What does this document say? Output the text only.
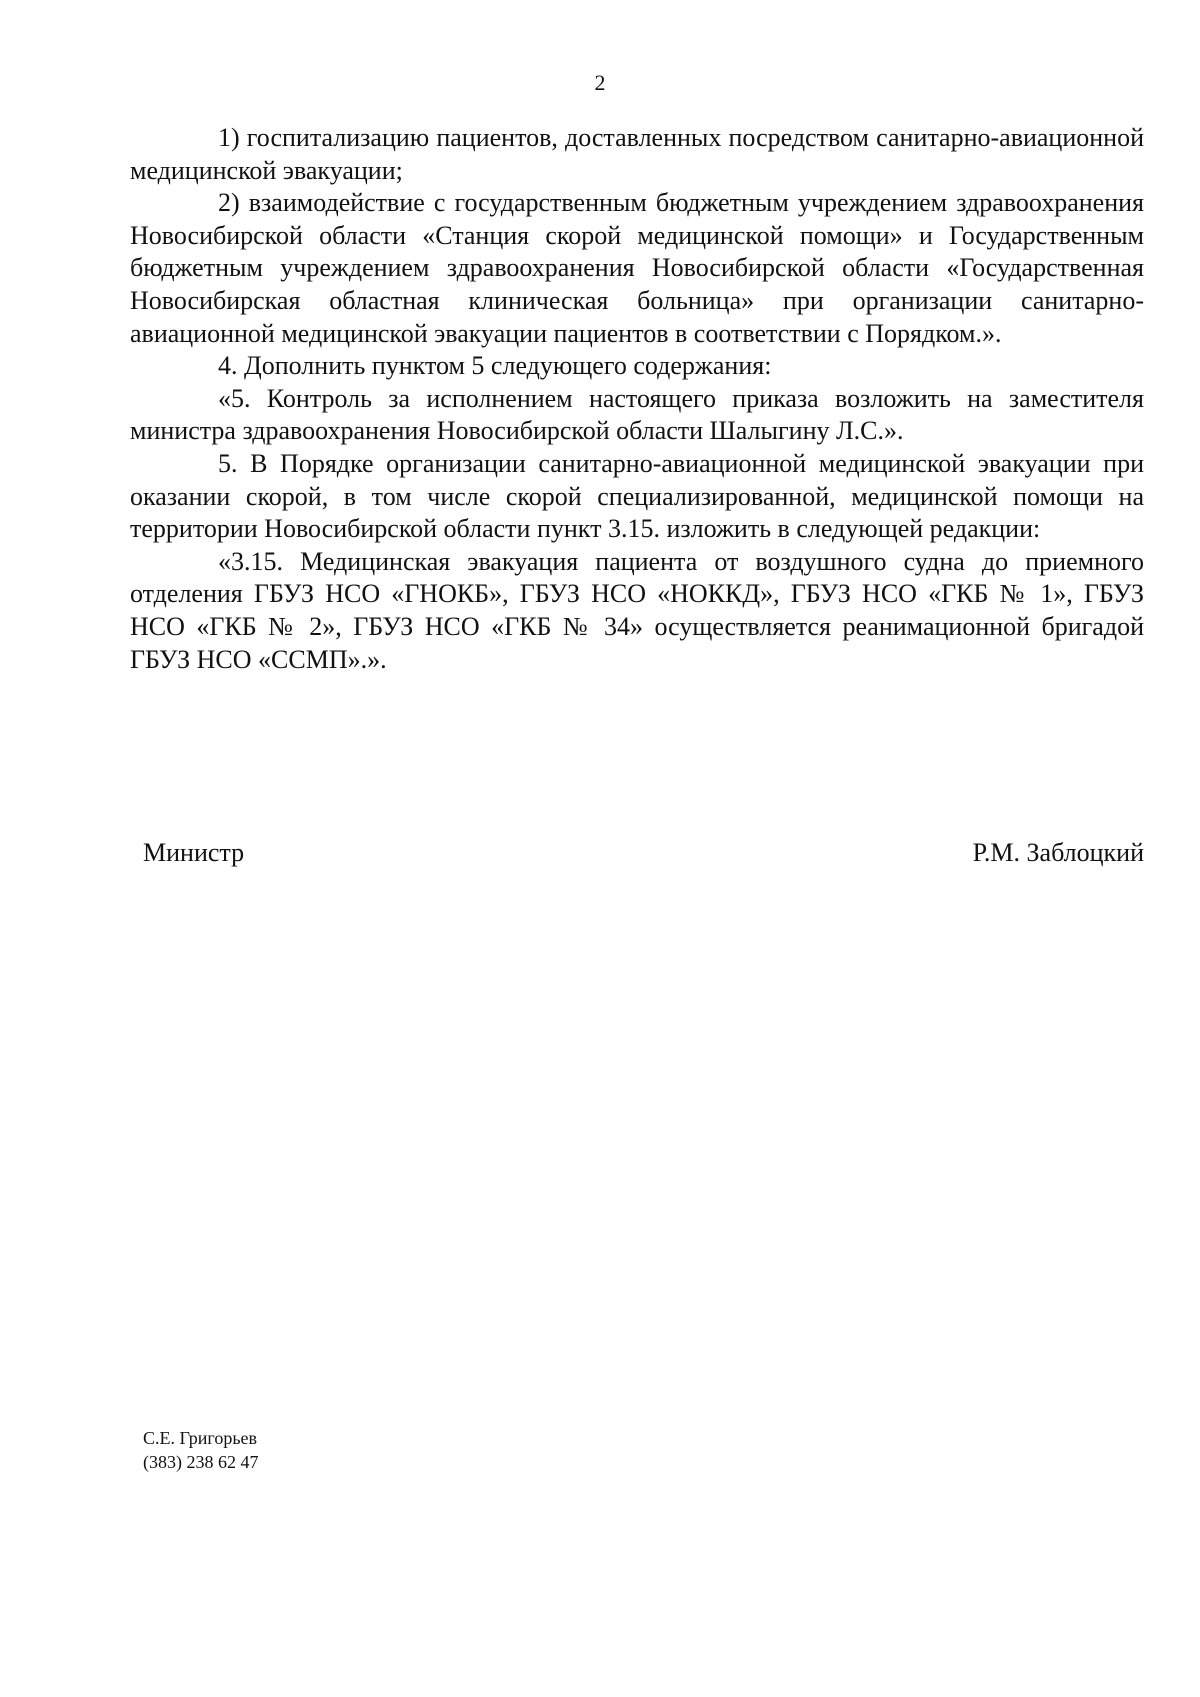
2

1) госпитализацию пациентов, доставленных посредством санитарно-авиационной медицинской эвакуации;

2) взаимодействие с государственным бюджетным учреждением здравоохранения Новосибирской области «Станция скорой медицинской помощи» и Государственным бюджетным учреждением здравоохранения Новосибирской области «Государственная Новосибирская областная клиническая больница» при организации санитарно-авиационной медицинской эвакуации пациентов в соответствии с Порядком.».

4. Дополнить пунктом 5 следующего содержания:

«5. Контроль за исполнением настоящего приказа возложить на заместителя министра здравоохранения Новосибирской области Шалыгину Л.С.».

5. В Порядке организации санитарно-авиационной медицинской эвакуации при оказании скорой, в том числе скорой специализированной, медицинской помощи на территории Новосибирской области пункт 3.15. изложить в следующей редакции:

«3.15. Медицинская эвакуация пациента от воздушного судна до приемного отделения ГБУЗ НСО «ГНОКБ», ГБУЗ НСО «НОККД», ГБУЗ НСО «ГКБ № 1», ГБУЗ НСО «ГКБ № 2», ГБУЗ НСО «ГКБ № 34» осуществляется реанимационной бригадой ГБУЗ НСО «ССМП».».

Министр	Р.М. Заблоцкий
С.Е. Григорьев
(383) 238 62 47
